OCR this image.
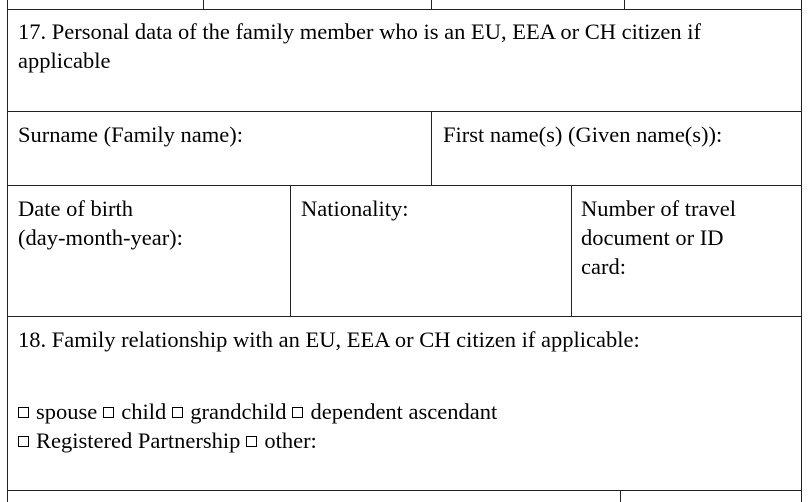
17. Personal data of the family member who is an EU, EEA or CH citizen if
applicable
Surname (Family name):	First name(s) (Given name(s)):
Date of birth
(day-month-year):
Nationality:	Number of travel
document or ID
card:
18. Family relationship with an EU, EEA or CH citizen if applicable:
spouse child grandchild dependent ascendant
Registered Partnership other:
